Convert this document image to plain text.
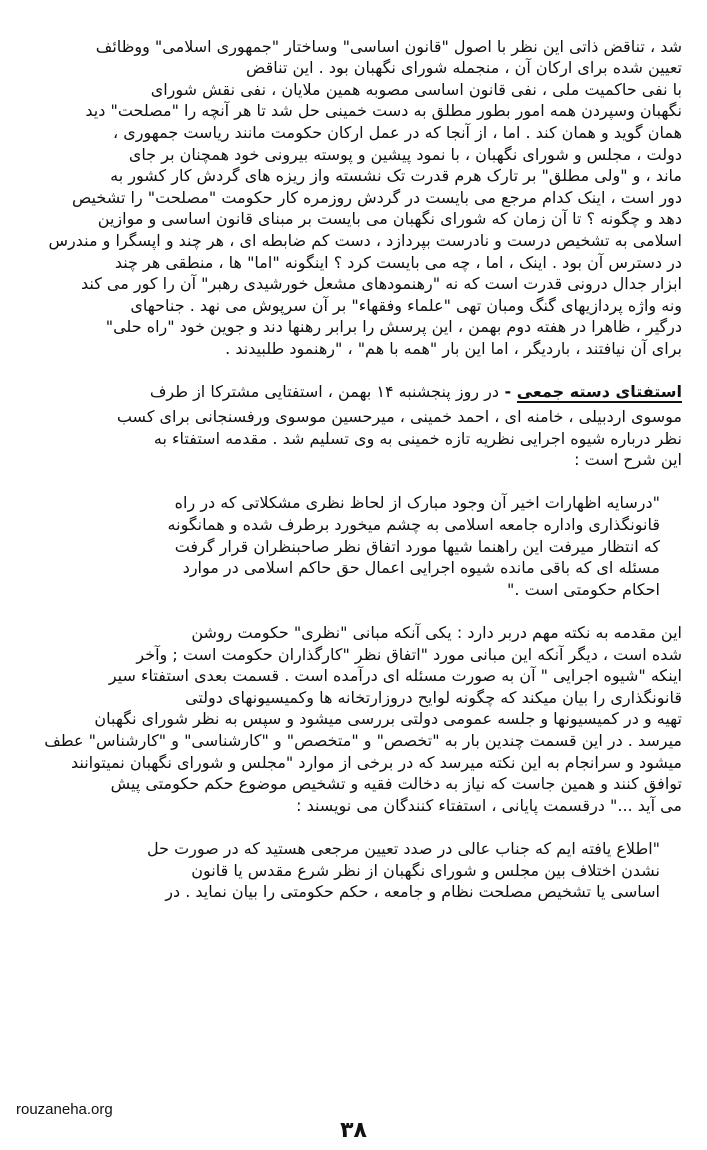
شد ، تناقض ذاتی این نظر با اصول "قانون اساسی" وساختار "جمهوری اسلامی" ووظائف
تعیین شده برای ارکان آن ، منجمله شورای نگهبان بود . این تناقض
با نفی حاکمیت ملی ، نفی قانون اساسی مصوبه همین ملایان ، نفی نقش شورای
نگهبان وسپردن همه امور بطور مطلق به دست خمینی حل شد تا هر آنچه را "مصلحت" دید
همان گوید و همان کند . اما ، از آنجا که در عمل ارکان حکومت مانند ریاست جمهوری ،
دولت ، مجلس و شورای نگهبان ، با نمود پیشین و پوسته بیرونی خود همچنان بر جای
ماند ، و "ولی مطلق" بر تارک هرم قدرت تک نشسته واز ریزه های گردش کار کشور به
دور است ، اینک کدام مرجع می بایست در گردش روزمره کار حکومت "مصلحت" را تشخیص
دهد و چگونه ؟ تا آن زمان که شورای نگهبان می بایست بر مبنای قانون اساسی و موازین
اسلامی به تشخیص درست و نادرست بپردازد ، دست کم ضابطه ای ، هر چند و اپسگرا و مندرس
در دسترس آن بود . اینک ، اما ، چه می بایست کرد ؟ اینگونه "اما" ها ، منطقی هر چند
ابزار جدال درونی قدرت است که نه "رهنمودهای مشعل خورشیدی رهبر" آن را کور می کند
ونه واژه پردازیهای گنگ ومبان تهی "علماء وفقهاء" بر آن سرپوش می نهد . جناحهای
درگیر ، ظاهرا در هفته دوم بهمن ، این پرسش را برابر رهنها دند و جوین خود "راه حلی"
برای آن نیافتند ، باردیگر ، اما این بار "همه با هم" ، "رهنمود طلبیدند .

استفتای دسته جمعی - در روز پنجشنبه ۱۴ بهمن ، استفتایی مشترکا از طرف
موسوی اردبیلی ، خامنه ای ، احمد خمینی ، میرحسین موسوی ورفسنجانی برای کسب
نظر درباره شیوه اجرایی نظریه تازه خمینی به وی تسلیم شد . مقدمه استفتاء به
این شرح است :

"درسایه اظهارات اخیر آن وجود مبارک از لحاظ نظری مشکلاتی که در راه
قانونگذاری واداره جامعه اسلامی به چشم میخورد برطرف شده و همانگونه
که انتظار میرفت این راهنما شیها مورد اتفاق نظر صاحبنظران قرار گرفت
مسئله ای که باقی مانده شیوه اجرایی اعمال حق حاکم اسلامی در موارد
احکام حکومتی است ."

این مقدمه به نکته مهم دربر دارد : یکی آنکه مبانی "نظری" حکومت روشن
شده است ، دیگر آنکه این مبانی مورد "اتفاق نظر "کارگذاران حکومت است ; وآخر
اینکه "شیوه اجرایی " آن به صورت مسئله ای درآمده است . قسمت بعدی استفتاء سیر
قانونگذاری را بیان میکند که چگونه لوایح دروزارتخانه ها وکمیسیونهای دولتی
تهیه و در کمیسیونها و جلسه عمومی دولتی بررسی میشود و سپس به نظر شورای نگهبان
میرسد . در این قسمت چندین بار به "تخصص" و "متخصص" و "کارشناسی" و "کارشناس" عطف
میشود و سرانجام به این نکته میرسد که در برخی از موارد "مجلس و شورای نگهبان نمیتوانند
توافق کنند و همین جاست که نیاز به دخالت فقیه و تشخیص موضوع حکم حکومتی پیش
می آید ..." درقسمت پایانی ، استفتاء کنندگان می نویسند :

"اطلاع یافته ایم که جناب عالی در صدد تعیین مرجعی هستید که در صورت حل
نشدن اختلاف بین مجلس و شورای نگهبان از نظر شرع مقدس یا قانون
اساسی یا تشخیص مصلحت نظام و جامعه ، حکم حکومتی را بیان نماید . در

rouzaneha.org
۳۸
